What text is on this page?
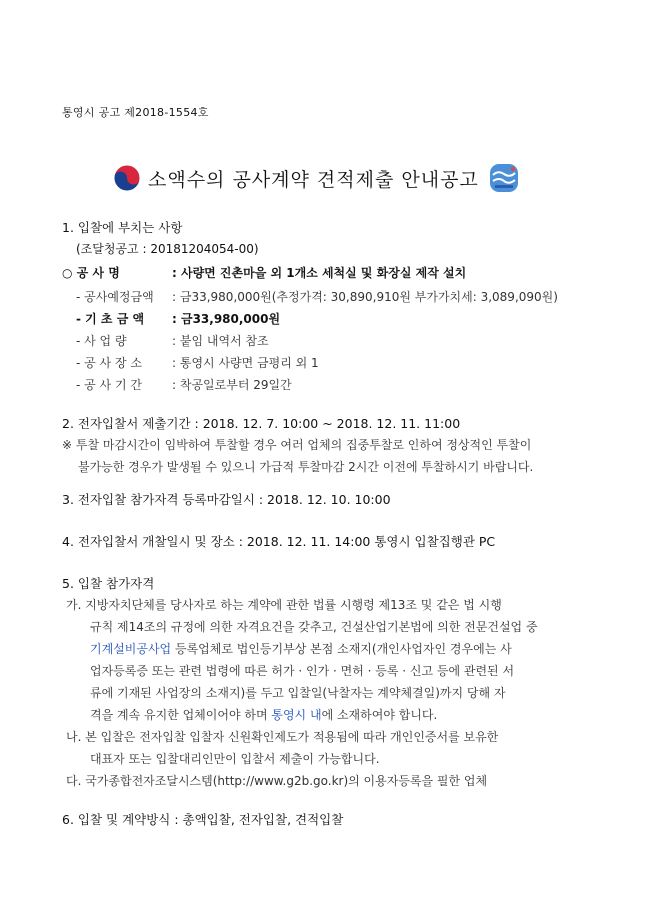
통영시 공고 제2018-1554호
소액수의 공사계약 견적제출 안내공고
1. 입찰에 부치는 사항
(조달청공고 : 20181204054-00)
○ 공 사 명	: 사량면 진촌마을 외 1개소 세척실 및 화장실 제작 설치
- 공사예정금액 : 금33,980,000원(추정가격: 30,890,910원 부가가치세: 3,089,090원)
- 기 초 금 액 : 금33,980,000원
- 사 업 량	: 붙임 내역서 참조
- 공 사 장 소	: 통영시 사량면 금평리 외 1
- 공 사 기 간	: 착공일로부터 29일간
2. 전자입찰서 제출기간 : 2018. 12. 7. 10:00 ~ 2018. 12. 11. 11:00
※ 투찰 마감시간이 임박하여 투찰할 경우 여러 업체의 집중투찰로 인하여 정상적인 투찰이
불가능한 경우가 발생될 수 있으니 가급적 투찰마감 2시간 이전에 투찰하시기 바랍니다.
3. 전자입찰 참가자격 등록마감일시 : 2018. 12. 10. 10:00
4. 전자입찰서 개찰일시 및 장소 : 2018. 12. 11. 14:00 통영시 입찰집행관 PC
5. 입찰 참가자격
가. 지방자치단체를 당사자로 하는 계약에 관한 법률 시행령 제13조 및 같은 법 시행
규칙 제14조의 규정에 의한 자격요건을 갖추고, 건설산업기본법에 의한 전문건설업 중
기계설비공사업 등록업체로 법인등기부상 본점 소재지(개인사업자인 경우에는 사
업자등록증 또는 관련 법령에 따른 허가 · 인가 · 면허 · 등록 · 신고 등에 관련된 서
류에 기재된 사업장의 소재지)를 두고 입찰일(낙찰자는 계약체결일)까지 당해 자
격을 계속 유지한 업체이어야 하며 통영시 내에 소재하여야 합니다.
나. 본 입찰은 전자입찰 입찰자 신원확인제도가 적용됨에 따라 개인인증서를 보유한
대표자 또는 입찰대리인만이 입찰서 제출이 가능합니다.
다. 국가종합전자조달시스템(http://www.g2b.go.kr)의 이용자등록을 필한 업체
6. 입찰 및 계약방식 : 총액입찰, 전자입찰, 견적입찰
